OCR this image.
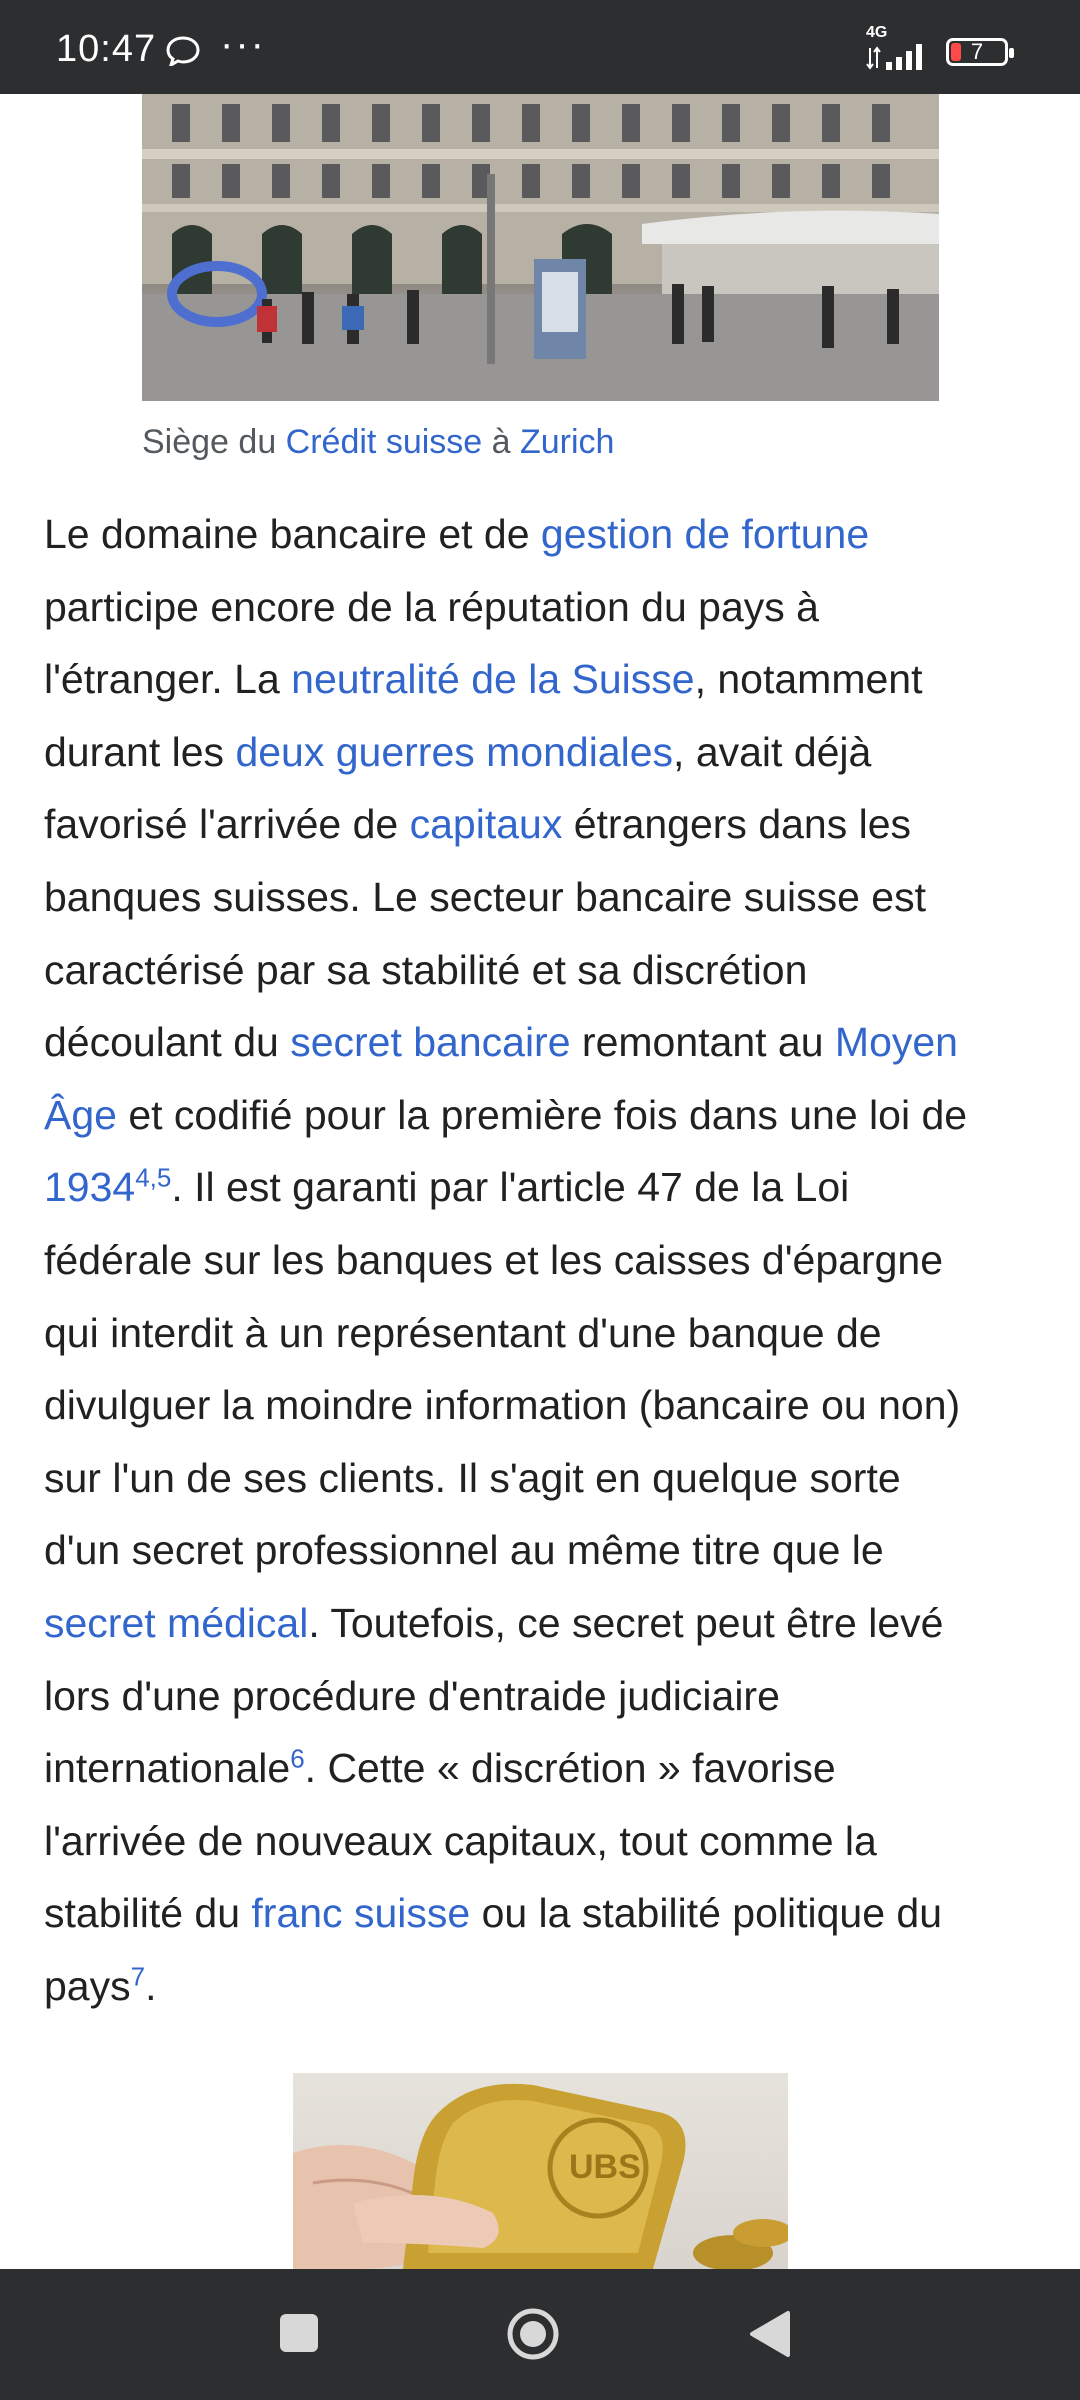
10:47 ···	4G
7
Siège du Crédit suisse à Zurich
Le domaine bancaire et de gestion de fortune
participe encore de la réputation du pays à
l'étranger. La neutralité de la Suisse, notamment
durant les deux guerres mondiales, avait déjà
favorisé l'arrivée de capitaux étrangers dans les
banques suisses. Le secteur bancaire suisse est
caractérisé par sa stabilité et sa discrétion
découlant du secret bancaire remontant au Moyen
Âge et codifié pour la première fois dans une loi de
1934$^{4,5}$. Il est garanti par l'article 47 de la Loi
fédérale sur les banques et les caisses d'épargne
qui interdit à un représentant d'une banque de
divulguer la moindre information (bancaire ou non)
sur l'un de ses clients. Il s'agit en quelque sorte
d'un secret professionnel au même titre que le
secret médical. Toutefois, ce secret peut être levé
lors d'une procédure d'entraide judiciaire
internationale$^6$. Cette « discrétion » favorise
l'arrivée de nouveaux capitaux, tout comme la
stabilité du franc suisse ou la stabilité politique du
pays$^7$.
UBS
